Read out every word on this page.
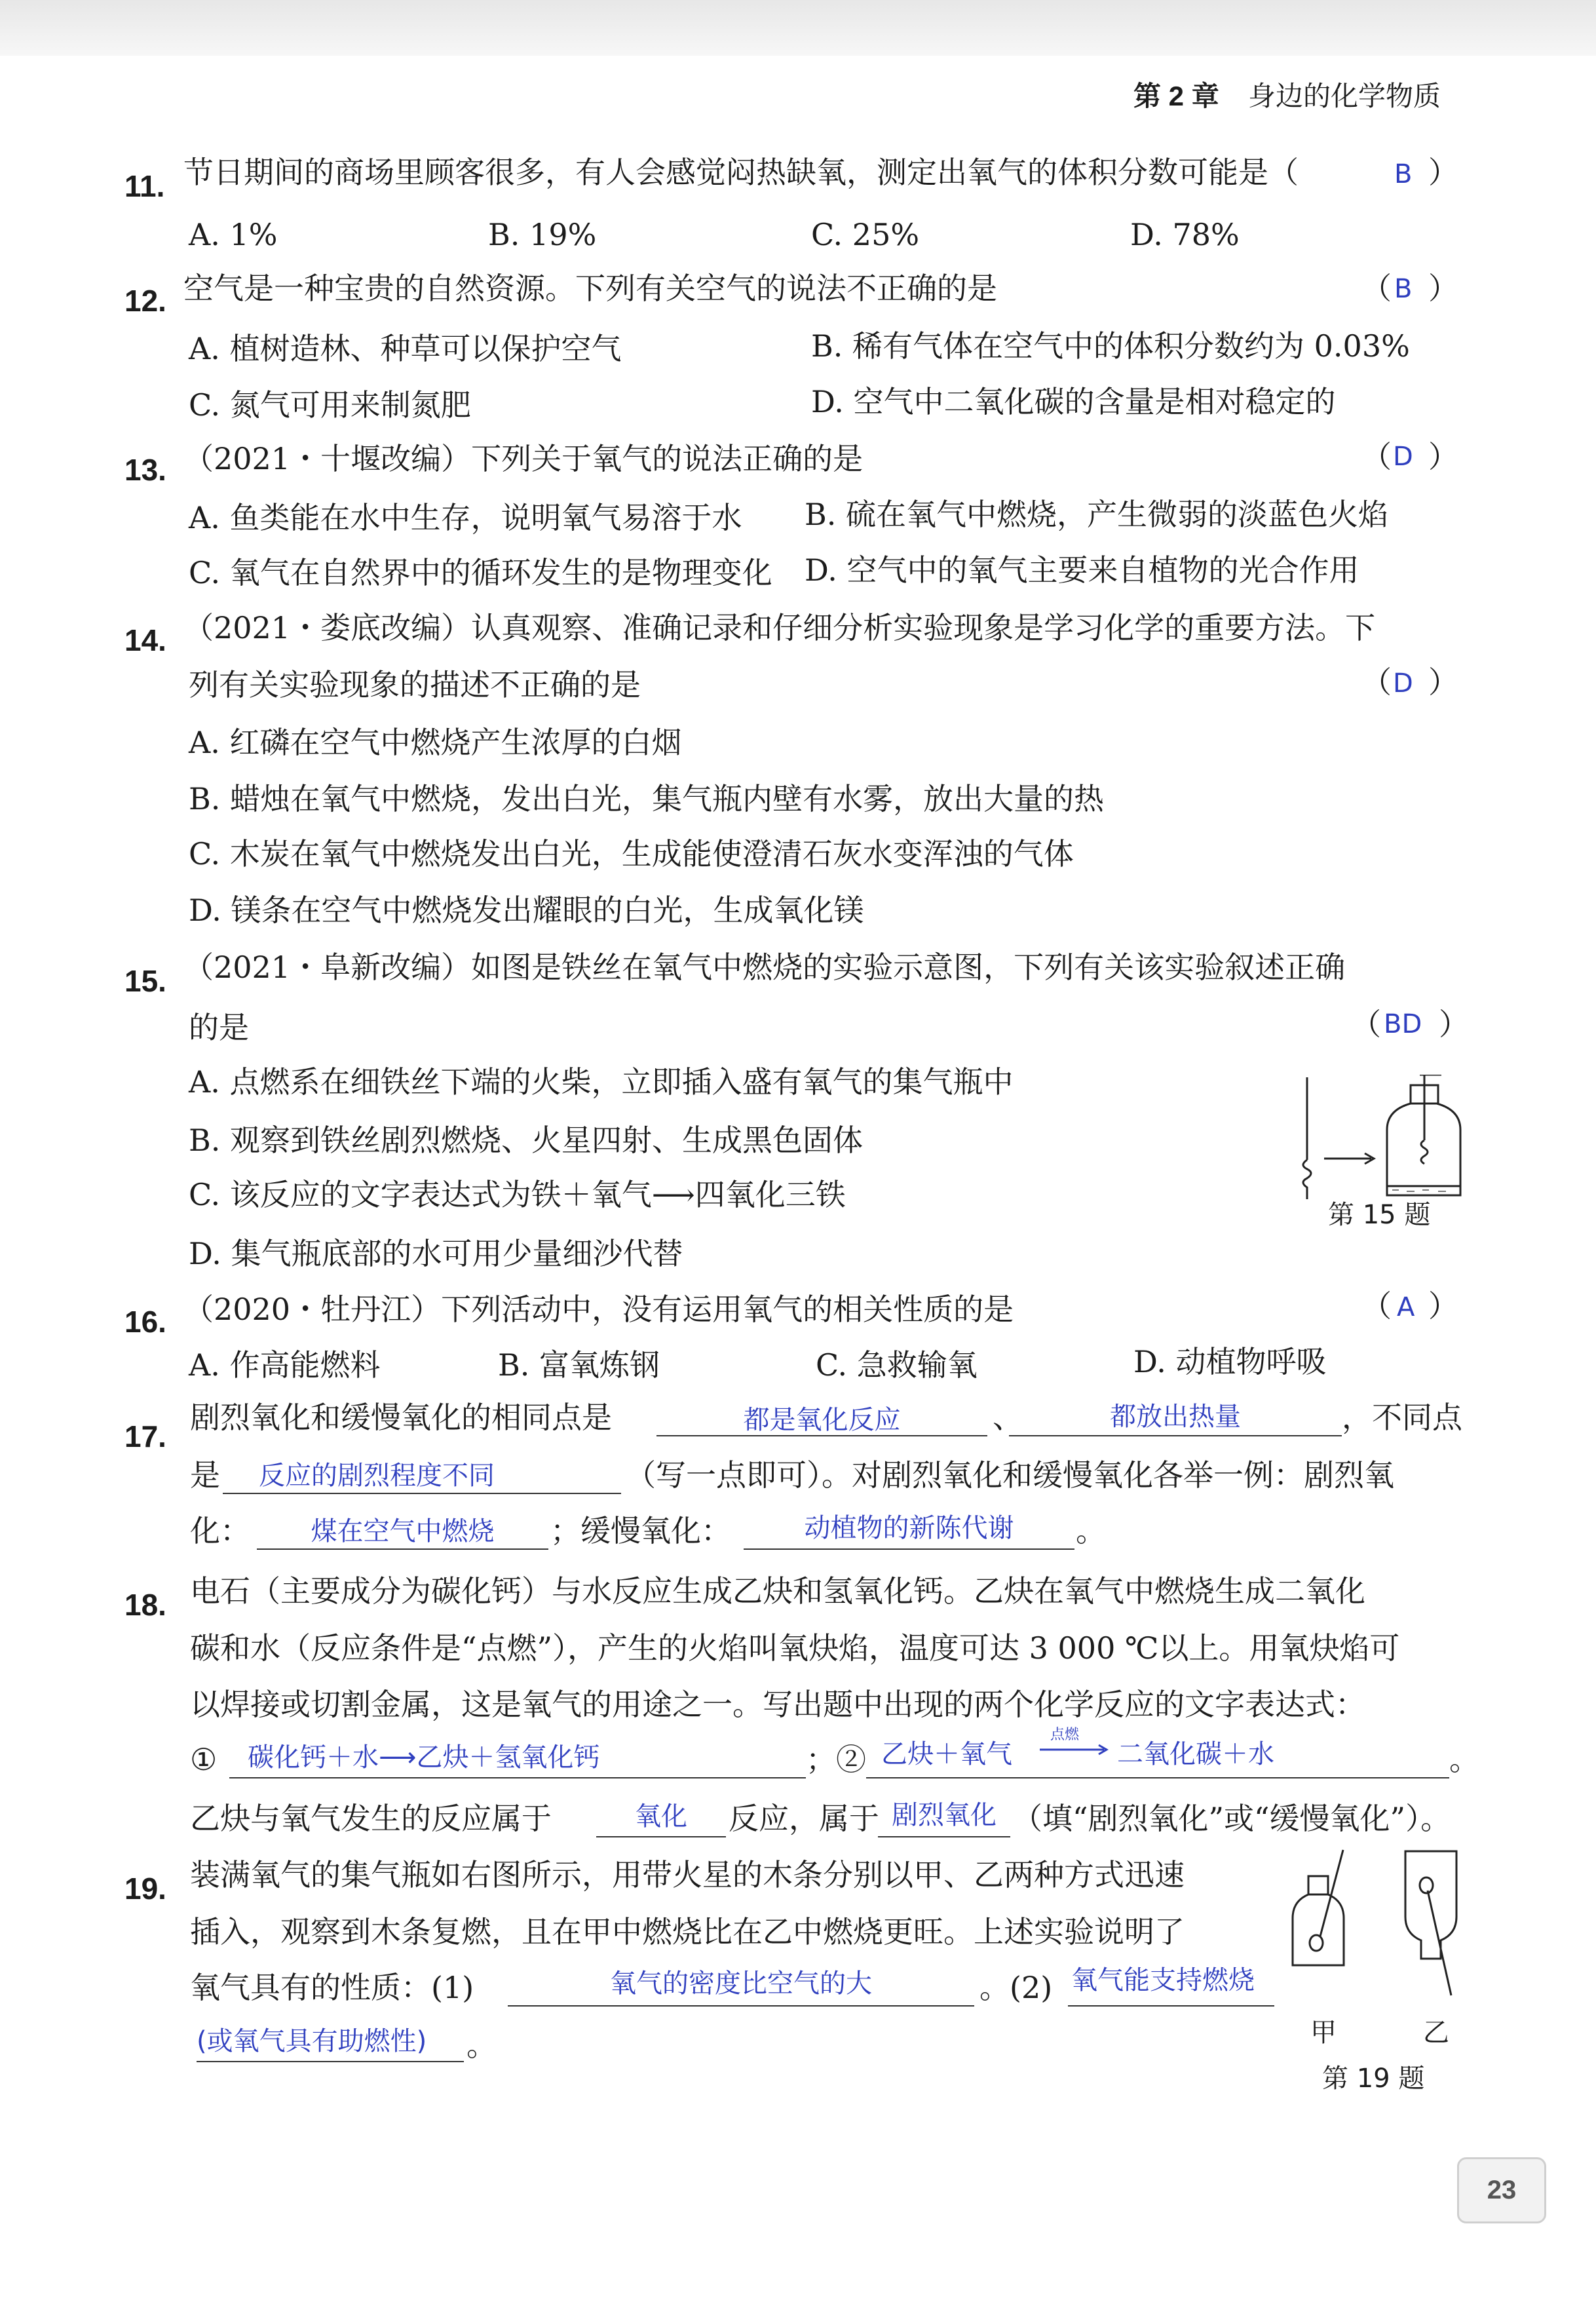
第 2 章 身边的化学物质
11. 节日期间的商场里顾客很多，有人会感觉闷热缺氧，测定出氧气的体积分数可能是（	B ）
A. 1%	B. 19%	C. 25%	D. 78%
12. 空气是一种宝贵的自然资源。下列有关空气的说法不正确的是	（ B ）
A. 植树造林、种草可以保护空气	B. 稀有气体在空气中的体积分数约为 0.03%
C. 氮气可用来制氮肥	D. 空气中二氧化碳的含量是相对稳定的
13. （2021・十堰改编）下列关于氧气的说法正确的是	（ D ）
A. 鱼类能在水中生存，说明氧气易溶于水 B. 硫在氧气中燃烧，产生微弱的淡蓝色火焰
C. 氧气在自然界中的循环发生的是物理变化 D. 空气中的氧气主要来自植物的光合作用
14. （2021・娄底改编）认真观察、准确记录和仔细分析实验现象是学习化学的重要方法。下
列有关实验现象的描述不正确的是	（ D ）
A. 红磷在空气中燃烧产生浓厚的白烟
B. 蜡烛在氧气中燃烧，发出白光，集气瓶内壁有水雾，放出大量的热
C. 木炭在氧气中燃烧发出白光，生成能使澄清石灰水变浑浊的气体
D. 镁条在空气中燃烧发出耀眼的白光，生成氧化镁
15. （2021・阜新改编）如图是铁丝在氧气中燃烧的实验示意图，下列有关该实验叙述正确
的是	（ BD ）
A. 点燃系在细铁丝下端的火柴，立即插入盛有氧气的集气瓶中
B. 观察到铁丝剧烈燃烧、火星四射、生成黑色固体
C. 该反应的文字表达式为铁＋氧气⟶四氧化三铁
D. 集气瓶底部的水可用少量细沙代替
第 15 题
16. （2020・牡丹江）下列活动中，没有运用氧气的相关性质的是	（ A ）
A. 作高能燃料	B. 富氧炼钢	C. 急救输氧	D. 动植物呼吸
17.
剧烈氧化和缓慢氧化的相同点是	都是氧化反应	、	都放出热量	，不同点
是	反应的剧烈程度不同	（写一点即可）。对剧烈氧化和缓慢氧化各举一例：剧烈氧
化：	煤在空气中燃烧	；缓慢氧化：	动植物的新陈代谢	。
18. 电石（主要成分为碳化钙）与水反应生成乙炔和氢氧化钙。乙炔在氧气中燃烧生成二氧化
碳和水（反应条件是“点燃”），产生的火焰叫氧炔焰，温度可达 3 000 ℃以上。用氧炔焰可
以焊接或切割金属，这是氧气的用途之一。写出题中出现的两个化学反应的文字表达式：
① 碳化钙＋水⟶乙炔＋氢氧化钙	；② 乙炔＋氧气
点燃
二氧化碳＋水	。
乙炔与氧气发生的反应属于	氧化	反应，属于 剧烈氧化 （填“剧烈氧化”或“缓慢氧化”）。
19. 装满氧气的集气瓶如右图所示，用带火星的木条分别以甲、乙两种方式迅速
插入，观察到木条复燃，且在甲中燃烧比在乙中燃烧更旺。上述实验说明了
氧气具有的性质：(1)	氧气的密度比空气的大	。(2) 氧气能支持燃烧
(或氧气具有助燃性) 。	甲	乙
第 19 题
23
